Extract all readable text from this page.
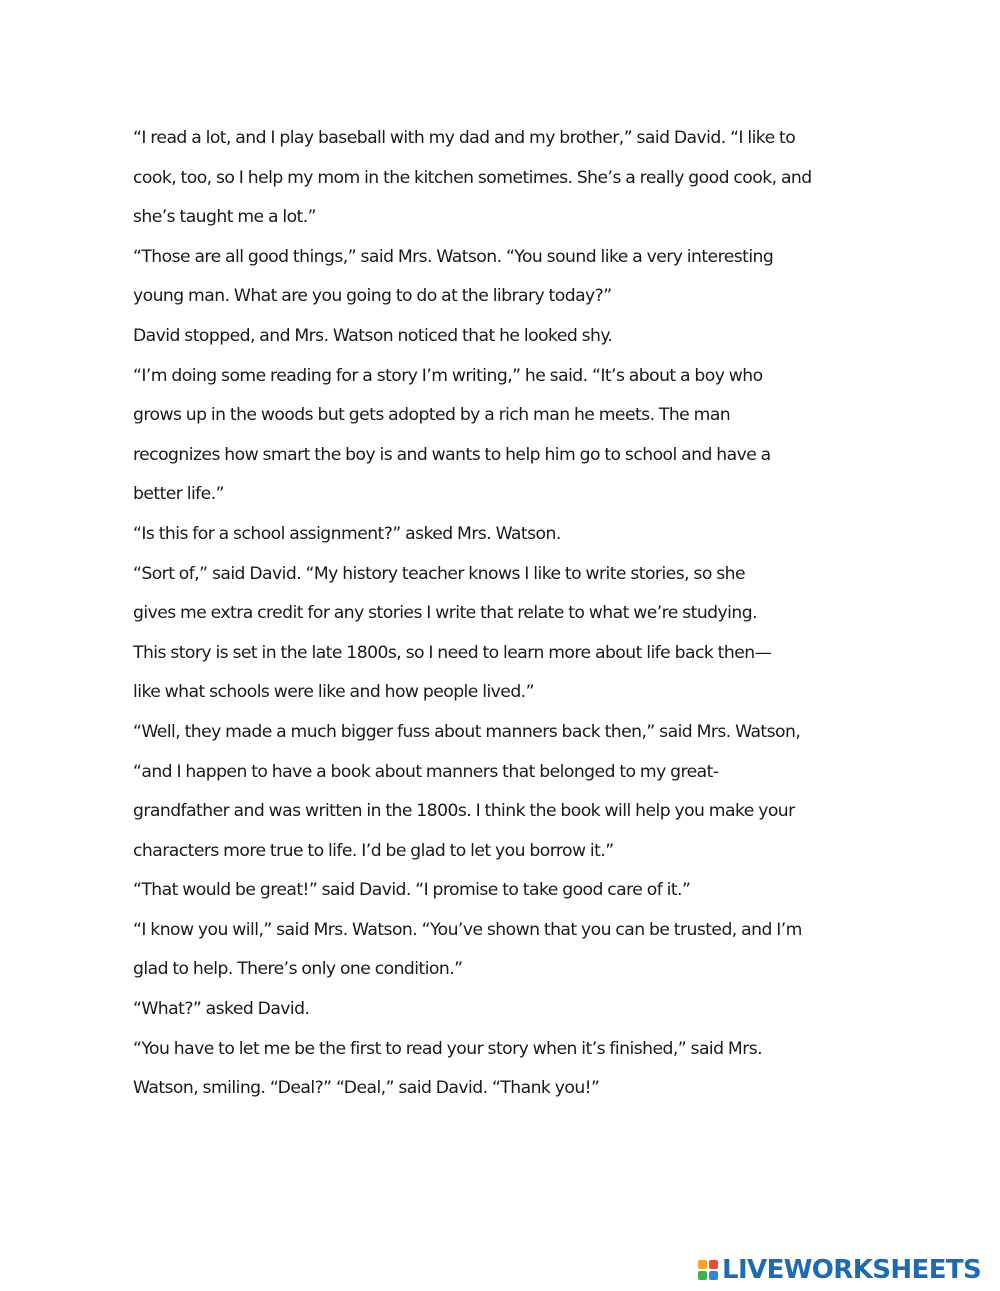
“I read a lot, and I play baseball with my dad and my brother,” said David. “I like to
cook, too, so I help my mom in the kitchen sometimes. She’s a really good cook, and
she’s taught me a lot.”
“Those are all good things,” said Mrs. Watson. “You sound like a very interesting
young man. What are you going to do at the library today?”
David stopped, and Mrs. Watson noticed that he looked shy.
“I’m doing some reading for a story I’m writing,” he said. “It’s about a boy who
grows up in the woods but gets adopted by a rich man he meets. The man
recognizes how smart the boy is and wants to help him go to school and have a
better life.”
“Is this for a school assignment?” asked Mrs. Watson.
“Sort of,” said David. “My history teacher knows I like to write stories, so she
gives me extra credit for any stories I write that relate to what we’re studying.
This story is set in the late 1800s, so I need to learn more about life back then—
like what schools were like and how people lived.”
“Well, they made a much bigger fuss about manners back then,” said Mrs. Watson,
“and I happen to have a book about manners that belonged to my great-
grandfather and was written in the 1800s. I think the book will help you make your
characters more true to life. I’d be glad to let you borrow it.”
“That would be great!” said David. “I promise to take good care of it.”
“I know you will,” said Mrs. Watson. “You’ve shown that you can be trusted, and I’m
glad to help. There’s only one condition.”
“What?” asked David.
“You have to let me be the first to read your story when it’s finished,” said Mrs.
Watson, smiling. “Deal?” “Deal,” said David. “Thank you!”
LIVEWORKSHEETS
